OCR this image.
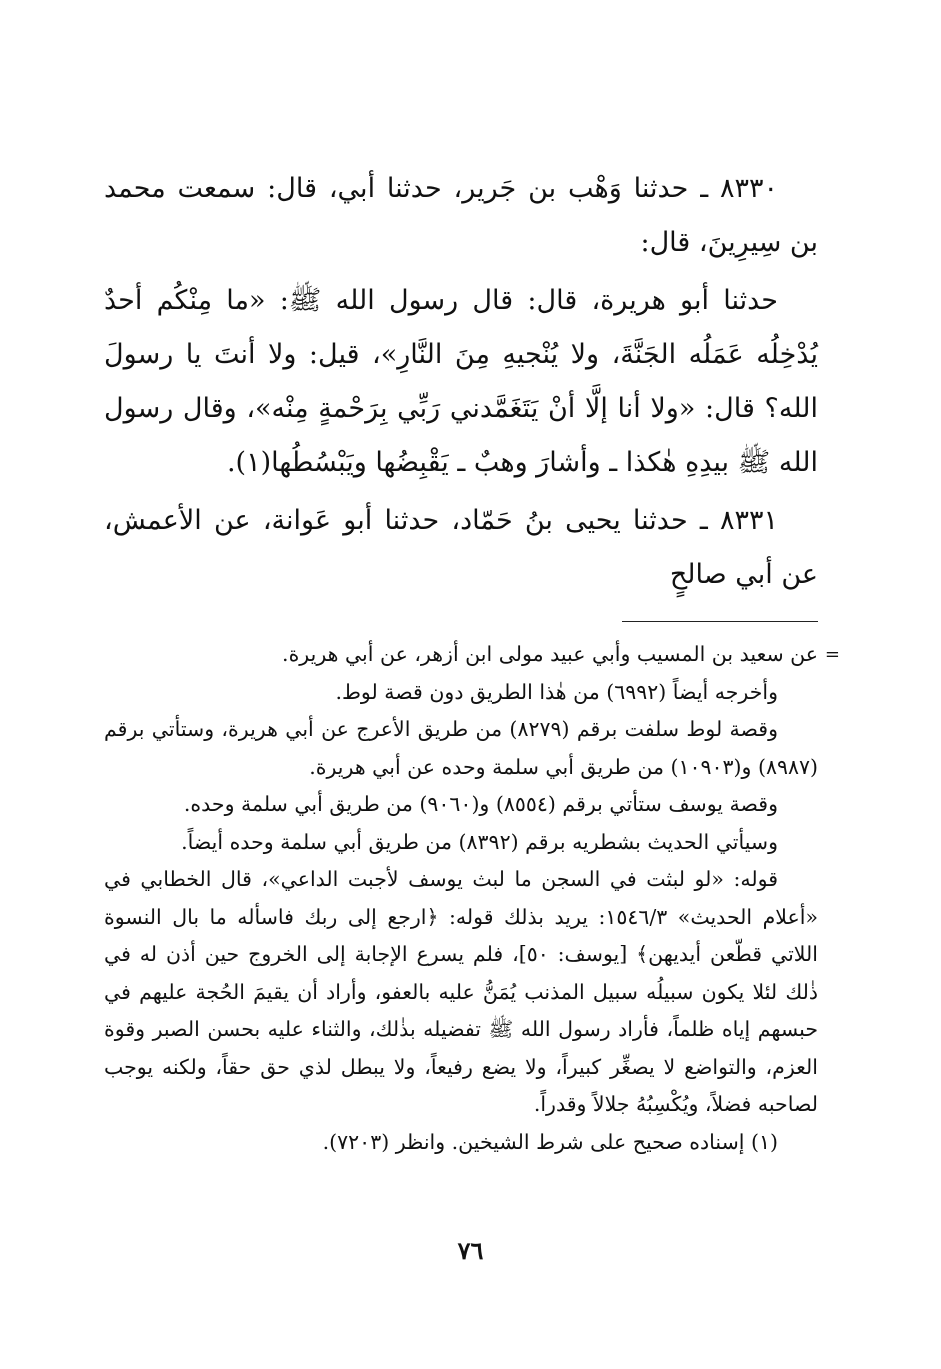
٨٣٣٠ ـ حدثنا وَهْب بن جَرير، حدثنا أبي، قال: سمعت محمد بن سِيرِينَ، قال:

حدثنا أبو هريرة، قال: قال رسول الله ﷺ: «ما مِنْكُم أحدٌ يُدْخِلُه عَمَلُه الجَنَّةَ، ولا يُنْجيهِ مِنَ النَّارِ»، قيل: ولا أنتَ يا رسولَ الله؟ قال: «ولا أنا إلَّا أنْ يَتَغَمَّدني رَبِّي بِرَحْمةٍ مِنْه»، وقال رسول الله ﷺ بيدِهِ هٰكذا ـ وأشارَ وهبٌ ـ يَقْبِضُها ويَبْسُطُها(١).

٨٣٣١ ـ حدثنا يحيى بنُ حَمّاد، حدثنا أبو عَوانة، عن الأعمش، عن أبي صالحٍ

=

عن سعيد بن المسيب وأبي عبيد مولى ابن أزهر، عن أبي هريرة.

وأخرجه أيضاً (٦٩٩٢) من هٰذا الطريق دون قصة لوط.

وقصة لوط سلفت برقم (٨٢٧٩) من طريق الأعرج عن أبي هريرة، وستأتي برقم (٨٩٨٧) و(١٠٩٠٣) من طريق أبي سلمة وحده عن أبي هريرة.

وقصة يوسف ستأتي برقم (٨٥٥٤) و(٩٠٦٠) من طريق أبي سلمة وحده.

وسيأتي الحديث بشطريه برقم (٨٣٩٢) من طريق أبي سلمة وحده أيضاً.

قوله: «لو لبثت في السجن ما لبث يوسف لأجبت الداعي»، قال الخطابي في «أعلام الحديث» ١٥٤٦/٣: يريد بذلك قوله: ﴿ارجع إلى ربك فاسأله ما بال النسوة اللاتي قطّعن أيديهن﴾ [يوسف: ٥٠]، فلم يسرع الإجابة إلى الخروج حين أذن له في ذٰلك لئلا يكون سبيلُه سبيل المذنب يُمَنُّ عليه بالعفو، وأراد أن يقيمَ الحُجة عليهم في حبسهم إياه ظلماً، فأراد رسول الله ﷺ تفضيله بذٰلك، والثناء عليه بحسن الصبر وقوة العزم، والتواضع لا يصغِّر كبيراً، ولا يضع رفيعاً، ولا يبطل لذي حق حقاً، ولكنه يوجب لصاحبه فضلاً، ويُكْسِبُهُ جلالاً وقدراً.

(١) إسناده صحيح على شرط الشيخين. وانظر (٧٢٠٣).

٧٦
